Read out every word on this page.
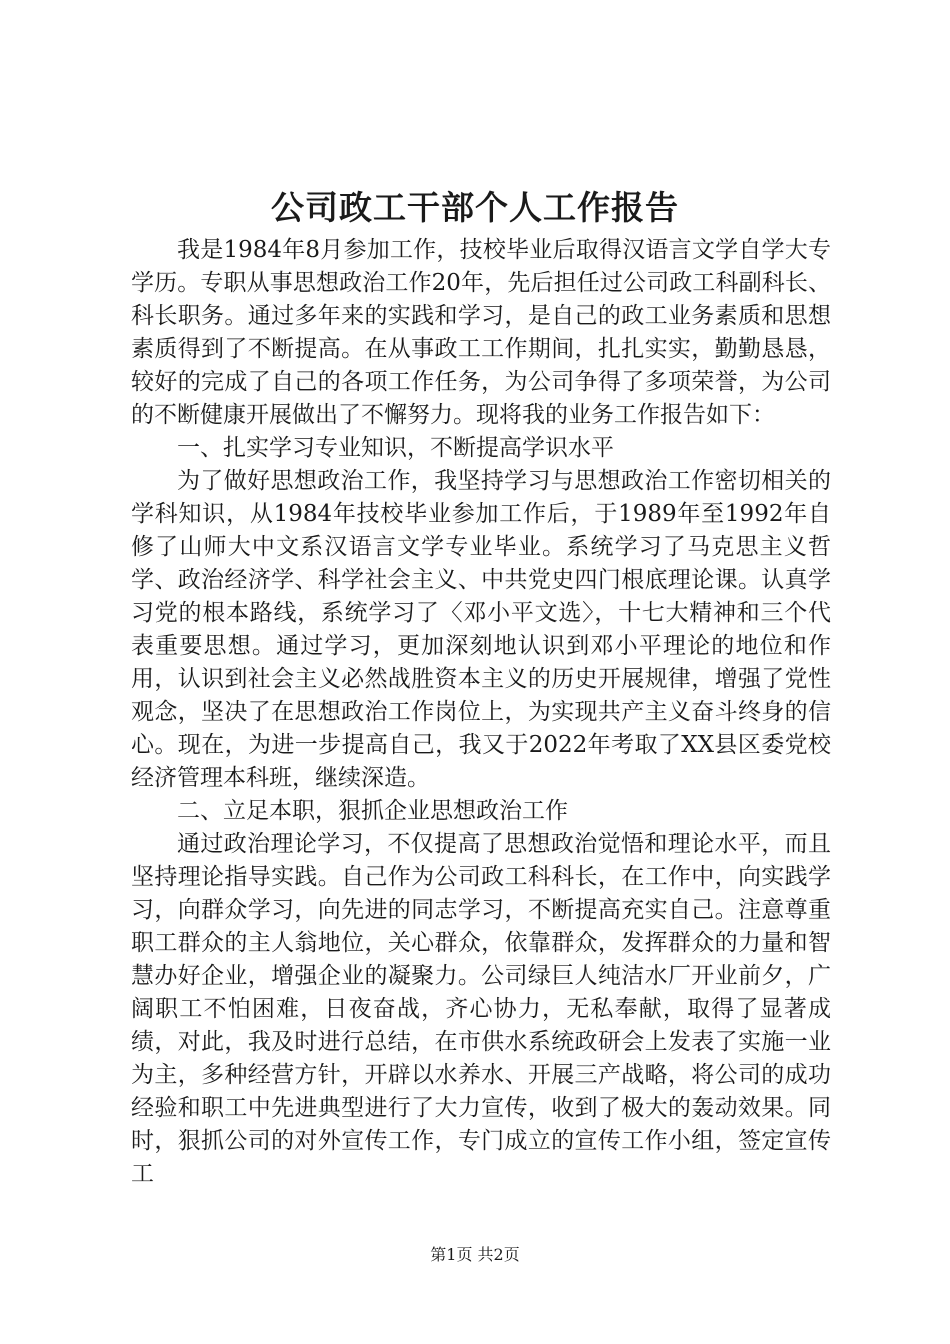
公司政工干部个人工作报告

我是1984年8月参加工作，技校毕业后取得汉语言文学自学大专学历。专职从事思想政治工作20年，先后担任过公司政工科副科长、科长职务。通过多年来的实践和学习，是自己的政工业务素质和思想素质得到了不断提高。在从事政工工作期间，扎扎实实，勤勤恳恳，较好的完成了自己的各项工作任务，为公司争得了多项荣誉，为公司的不断健康开展做出了不懈努力。现将我的业务工作报告如下：

一、扎实学习专业知识，不断提高学识水平

为了做好思想政治工作，我坚持学习与思想政治工作密切相关的学科知识，从1984年技校毕业参加工作后，于1989年至1992年自修了山师大中文系汉语言文学专业毕业。系统学习了马克思主义哲学、政治经济学、科学社会主义、中共党史四门根底理论课。认真学习党的根本路线，系统学习了〈邓小平文选〉，十七大精神和三个代表重要思想。通过学习，更加深刻地认识到邓小平理论的地位和作用，认识到社会主义必然战胜资本主义的历史开展规律，增强了党性观念，坚决了在思想政治工作岗位上，为实现共产主义奋斗终身的信心。现在，为进一步提高自己，我又于2022年考取了XX县区委党校经济管理本科班，继续深造。

二、立足本职，狠抓企业思想政治工作

通过政治理论学习，不仅提高了思想政治觉悟和理论水平，而且坚持理论指导实践。自己作为公司政工科科长，在工作中，向实践学习，向群众学习，向先进的同志学习，不断提高充实自己。注意尊重职工群众的主人翁地位，关心群众，依靠群众，发挥群众的力量和智慧办好企业，增强企业的凝聚力。公司绿巨人纯洁水厂开业前夕，广阔职工不怕困难，日夜奋战，齐心协力，无私奉献，取得了显著成绩，对此，我及时进行总结，在市供水系统政研会上发表了实施一业为主，多种经营方针，开辟以水养水、开展三产战略，将公司的成功经验和职工中先进典型进行了大力宣传，收到了极大的轰动效果。同时，狠抓公司的对外宣传工作，专门成立的宣传工作小组，签定宣传工

第1页 共2页
